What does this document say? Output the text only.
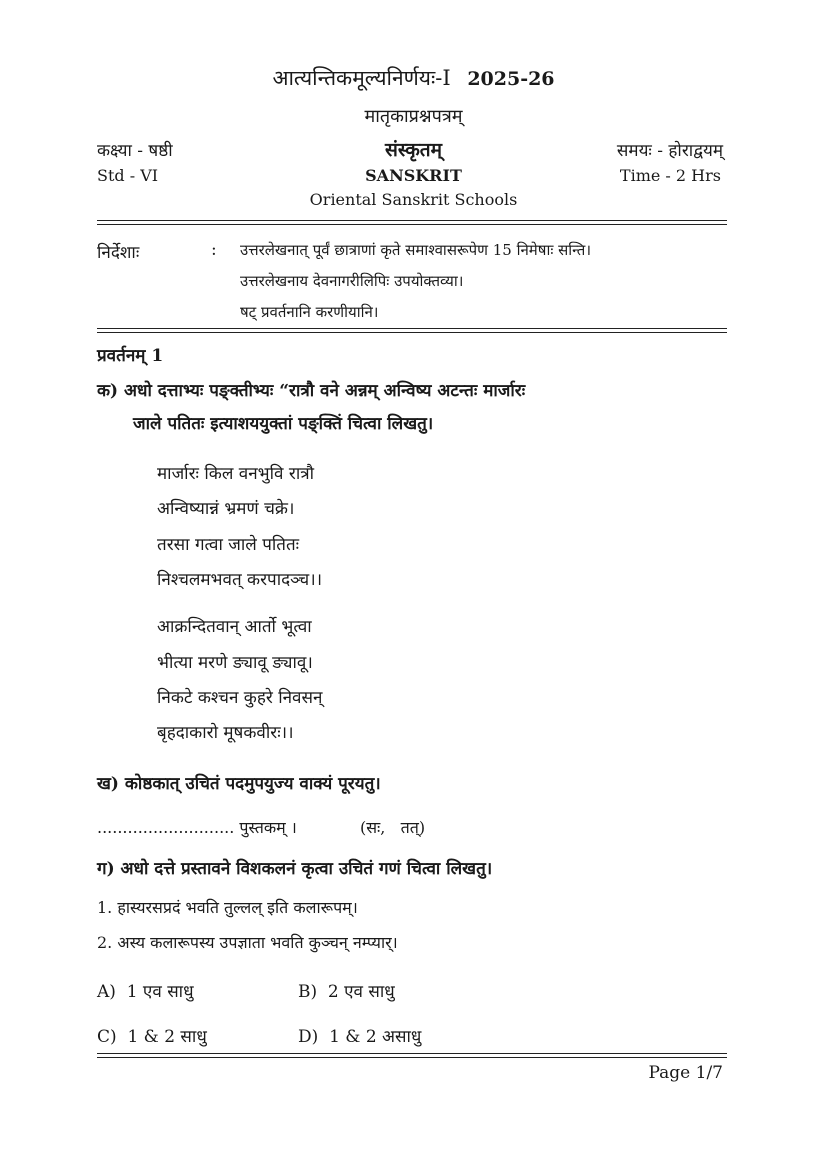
आत्यन्तिकमूल्यनिर्णयः-I 2025-26
मातृकाप्रश्नपत्रम्
कक्ष्या - षष्ठी	संस्कृतम्	समयः - होराद्वयम्
Std - VI	SANSKRIT	Time - 2 Hrs
Oriental Sanskrit Schools
निर्देशाः	: उत्तरलेखनात् पूर्वं छात्राणां कृते समाश्वासरूपेण 15 निमेषाः सन्ति।
उत्तरलेखनाय देवनागरीलिपिः उपयोक्तव्या।
षट् प्रवर्तनानि करणीयानि।
प्रवर्तनम् 1
क) अधो दत्ताभ्यः पङ्क्तीभ्यः “रात्रौ वने अन्नम् अन्विष्य अटन्तः मार्जारः
जाले पतितः इत्याशययुक्तां पङ्क्तिं चित्वा लिखतु।
मार्जारः किल वनभुवि रात्रौ
अन्विष्यान्नं भ्रमणं चक्रे।
तरसा गत्वा जाले पतितः
निश्चलमभवत् करपादञ्च।।
आक्रन्दितवान् आर्तो भूत्वा
भीत्या मरणे ङ्यावू ङ्यावू।
निकटे कश्चन कुहरे निवसन्
बृहदाकारो मूषकवीरः।।
ख) कोष्ठकात् उचितं पदमुपयुज्य वाक्यं पूरयतु।
........................... पुस्तकम् ।	(सः,   तत्)
ग) अधो दत्ते प्रस्तावने विशकलनं कृत्वा उचितं गणं चित्वा लिखतु।
1. हास्यरसप्रदं भवति तुल्लल् इति कलारूपम्।
2. अस्य कलारूपस्य उपज्ञाता भवति कुञ्चन् नम्प्यार्।
A)  1 एव साधु	B)  2 एव साधु
C)  1 & 2 साधु	D)  1 & 2 असाधु
Page 1/7
